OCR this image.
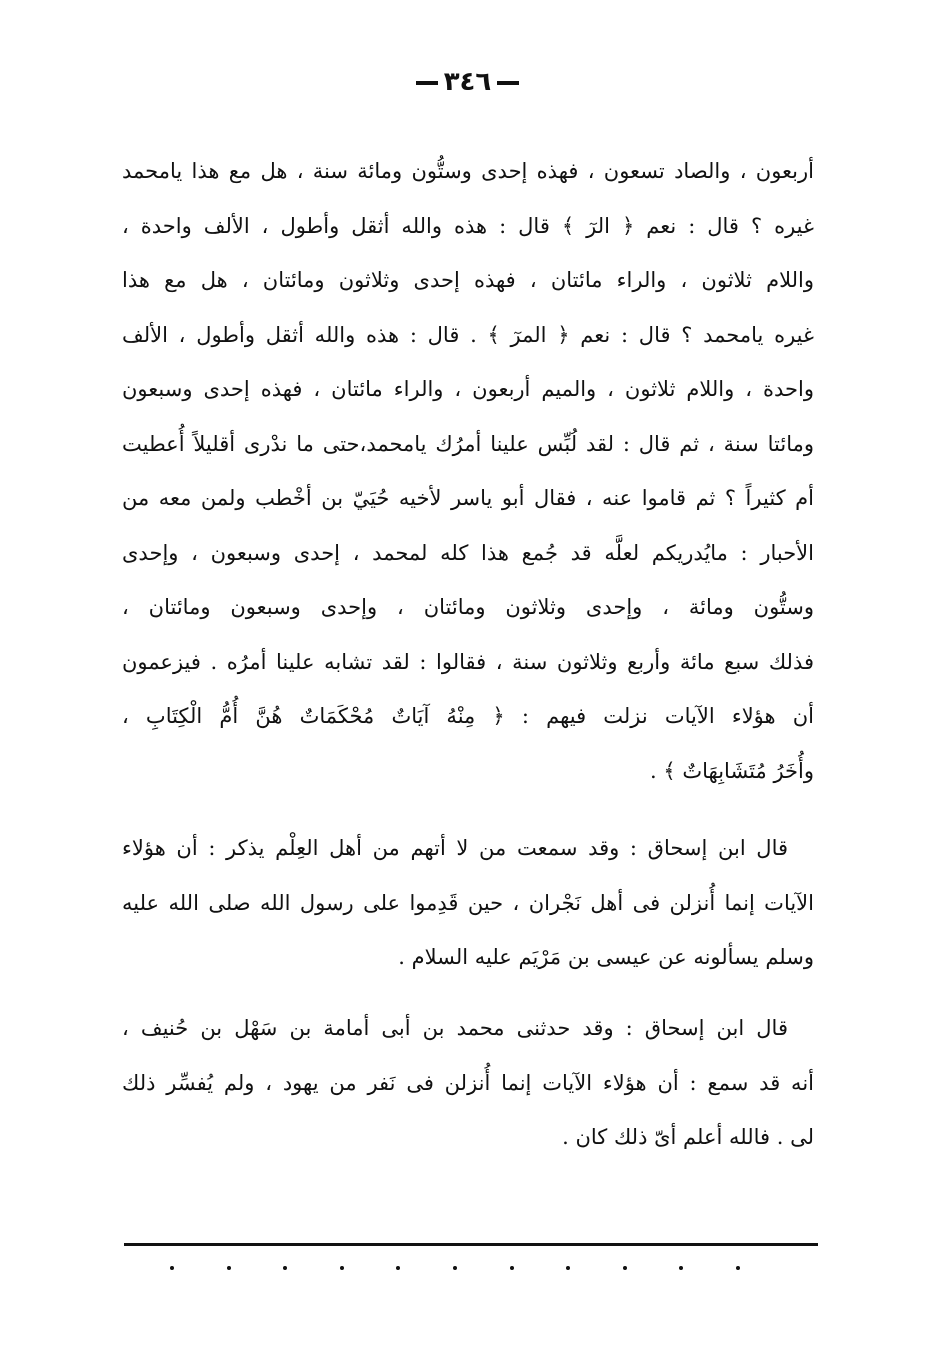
٣٤٦
أربعون ، والصاد تسعون ، فهذه إحدى وستُّون ومائة سنة ، هل مع هذا يامحمد
غيره ؟ قال : نعم ﴿ الرٓ ﴾ قال : هذه والله أثقل وأطول ، الألف واحدة ،
واللام ثلاثون ، والراء مائتان ، فهذه إحدى وثلاثون ومائتان ، هل مع هذا
غيره يامحمد ؟ قال : نعم ﴿ المرٓ ﴾ . قال : هذه والله أثقل وأطول ، الألف
واحدة ، واللام ثلاثون ، والميم أربعون ، والراء مائتان ، فهذه إحدى وسبعون
ومائتا سنة ، ثم قال : لقد لُبِّس علينا أمرُك يامحمد،حتى ما ندْرى أقليلاً أُعطيت
أم كثيراً ؟ ثم قاموا عنه ، فقال أبو ياسر لأخيه حُيَيّ بن أخْطب ولمن معه من
الأحبار : مايُدريكم لعلَّه قد جُمع هذا كله لمحمد ، إحدى وسبعون ، وإحدى
وستُّون ومائة ، وإحدى وثلاثون ومائتان ، وإحدى وسبعون ومائتان ،
فذلك سبع مائة وأربع وثلاثون سنة ، فقالوا : لقد تشابه علينا أمرُه . فيزعمون
أن هؤلاء الآيات نزلت فيهم : ﴿ مِنْهُ آيَاتٌ مُحْكَمَاتٌ هُنَّ أُمُّ الْكِتَابِ ،
وأُخَرُ مُتَشَابِهَاتٌ ﴾ .
قال ابن إسحاق : وقد سمعت من لا أتهم من أهل العِلْم يذكر : أن هؤلاء
الآيات إنما أُنزلن فى أهل نَجْران ، حين قَدِموا على رسول الله صلى الله عليه
وسلم يسألونه عن عيسى بن مَرْيَم عليه السلام .
قال ابن إسحاق : وقد حدثنى محمد بن أبى أمامة بن سَهْل بن حُنيف ،
أنه قد سمع : أن هؤلاء الآيات إنما أُنزلن فى نَفر من يهود ، ولم يُفسِّر ذلك
لى . فالله أعلم أىّ ذلك كان .
